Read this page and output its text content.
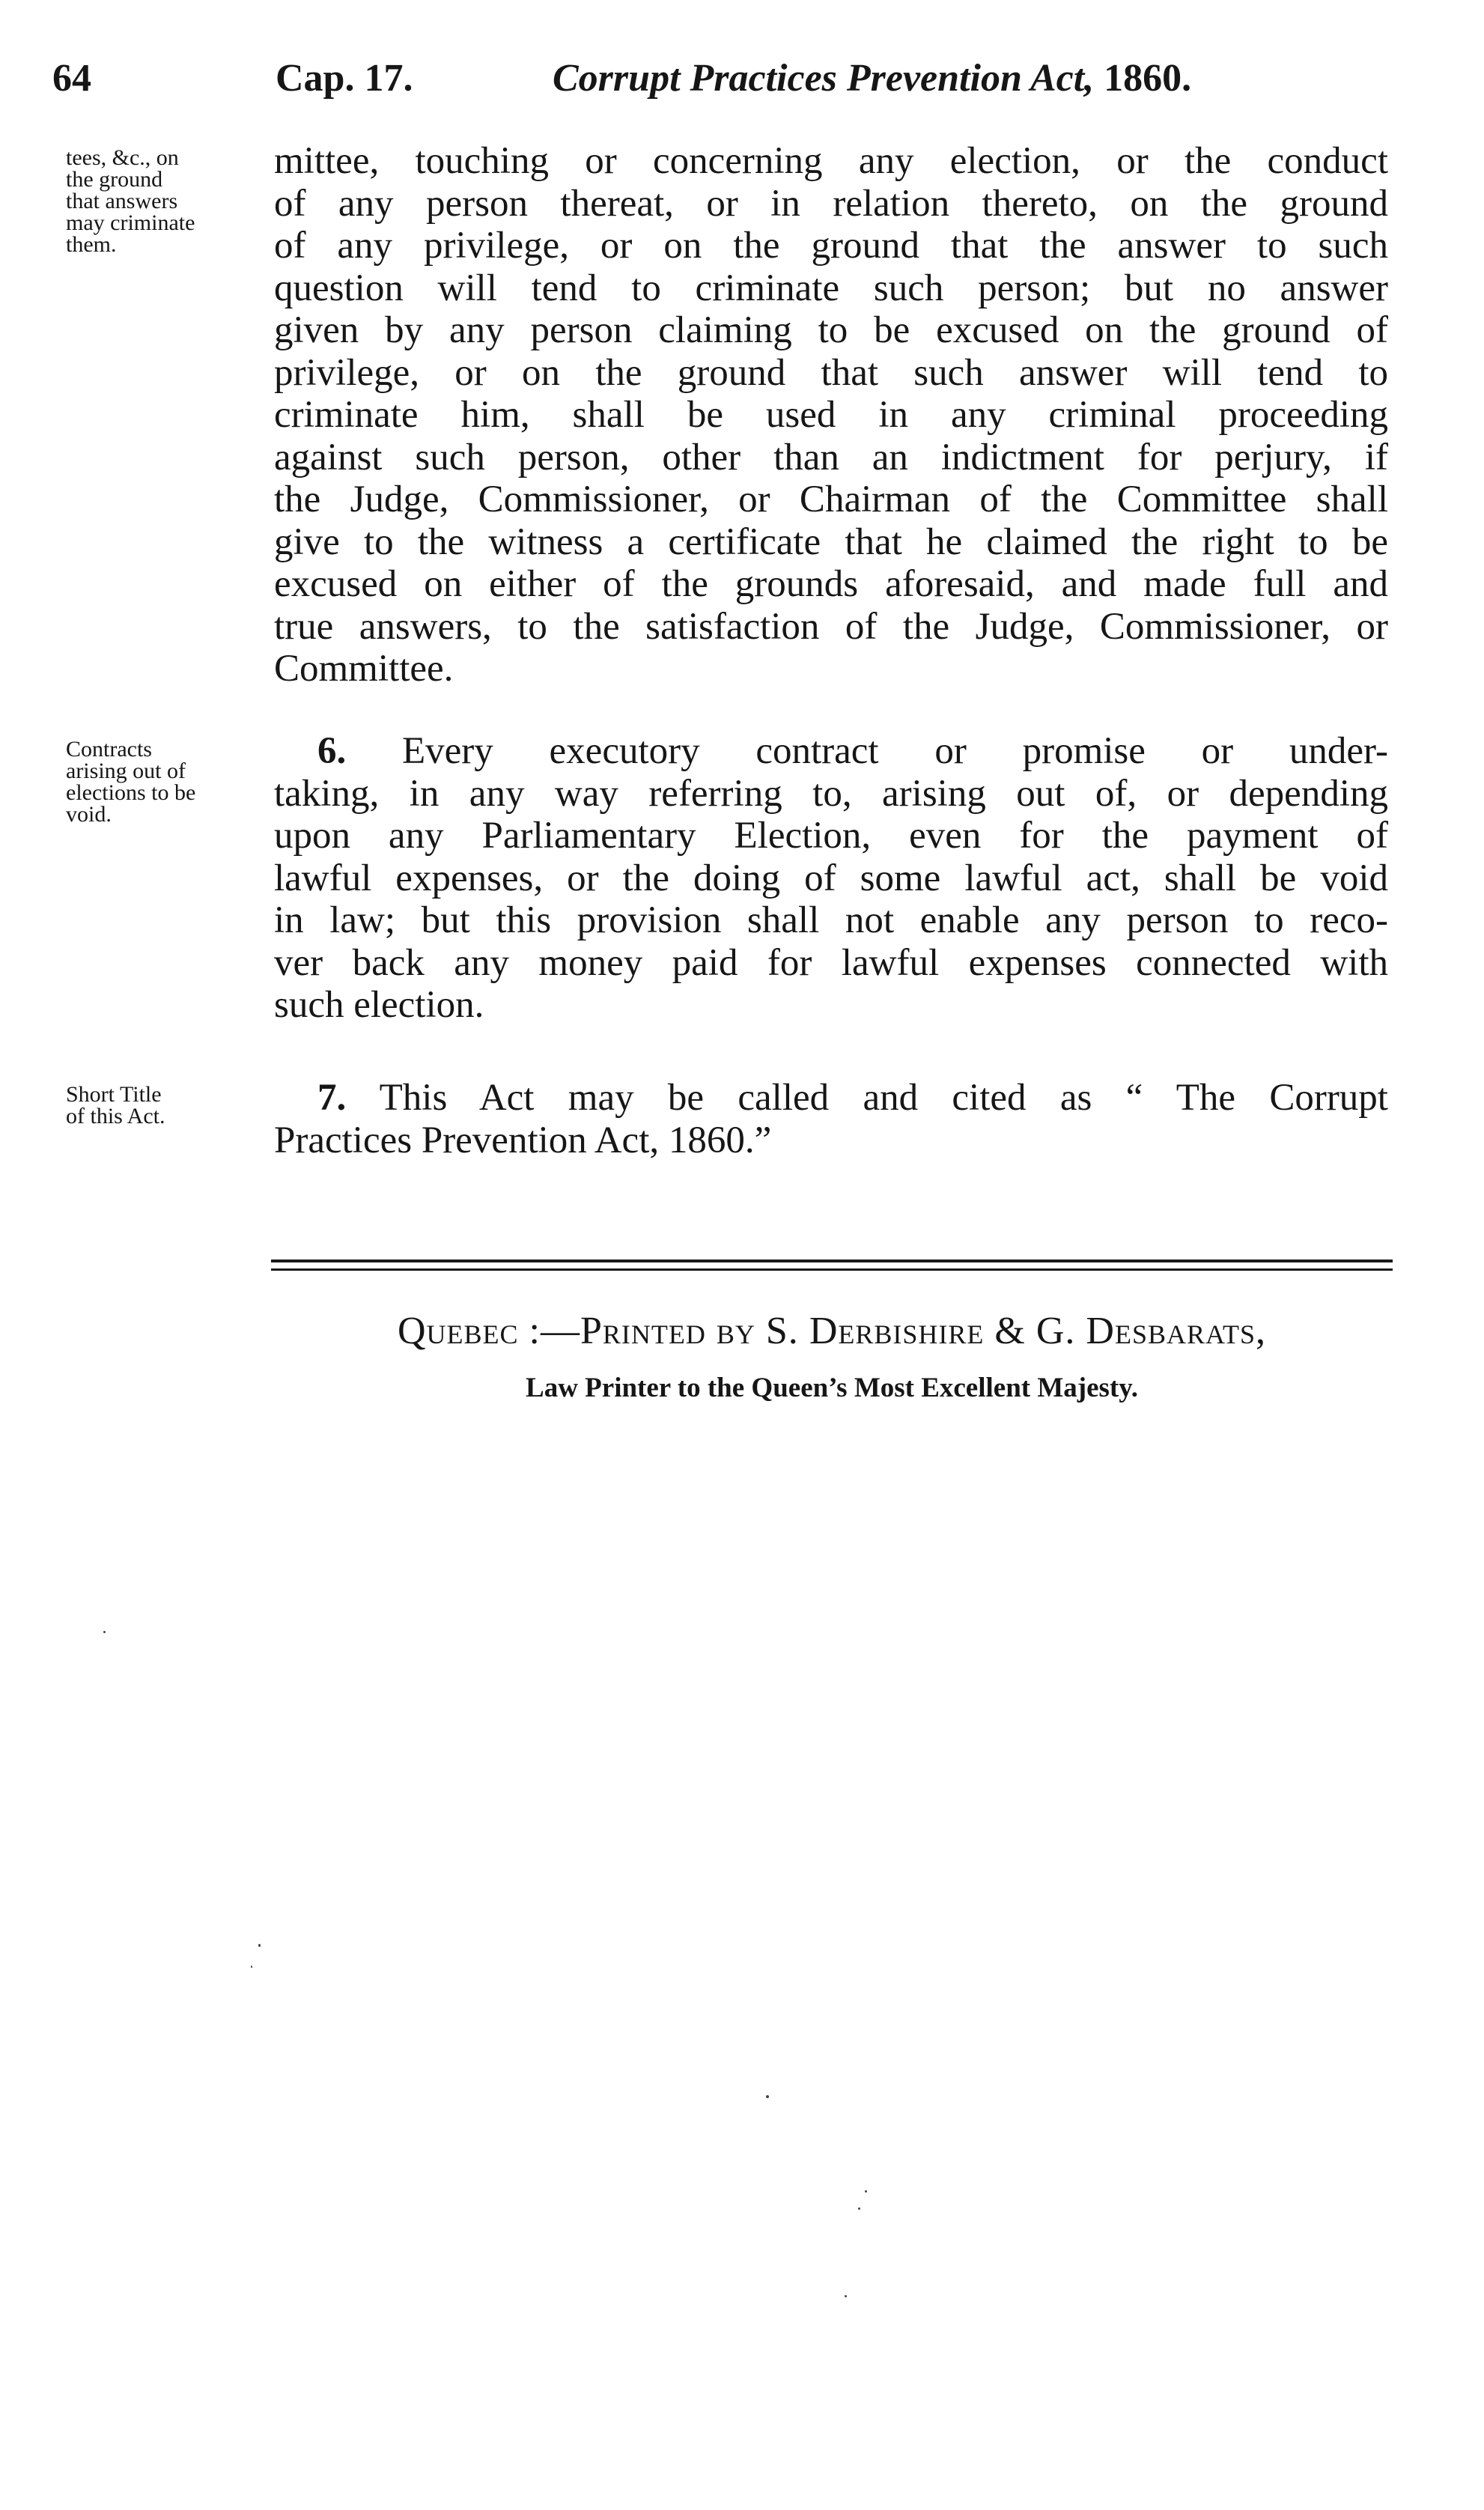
64	Cap. 17.	Corrupt Practices Prevention Act, 1860.
tees, &c., on
the ground
that answers
may criminate
them.
Contracts
arising out of
elections to be
void.
Short Title
of this Act.
mittee, touching or concerning any election, or the conduct
of any person thereat, or in relation thereto, on the ground
of any privilege, or on the ground that the answer to such
question will tend to criminate such person; but no answer
given by any person claiming to be excused on the ground of
privilege, or on the ground that such answer will tend to
criminate him, shall be used in any criminal proceeding
against such person, other than an indictment for perjury, if
the Judge, Commissioner, or Chairman of the Committee shall
give to the witness a certificate that he claimed the right to be
excused on either of the grounds aforesaid, and made full and
true answers, to the satisfaction of the Judge, Commissioner, or
Committee.
6. Every executory contract or promise or under-
taking, in any way referring to, arising out of, or depending
upon any Parliamentary Election, even for the payment of
lawful expenses, or the doing of some lawful act, shall be void
in law; but this provision shall not enable any person to reco-
ver back any money paid for lawful expenses connected with
such election.
7. This Act may be called and cited as “ The Corrupt
Practices Prevention Act, 1860.”
Quebec :—Printed by S. Derbishire & G. Desbarats,
Law Printer to the Queen’s Most Excellent Majesty.
